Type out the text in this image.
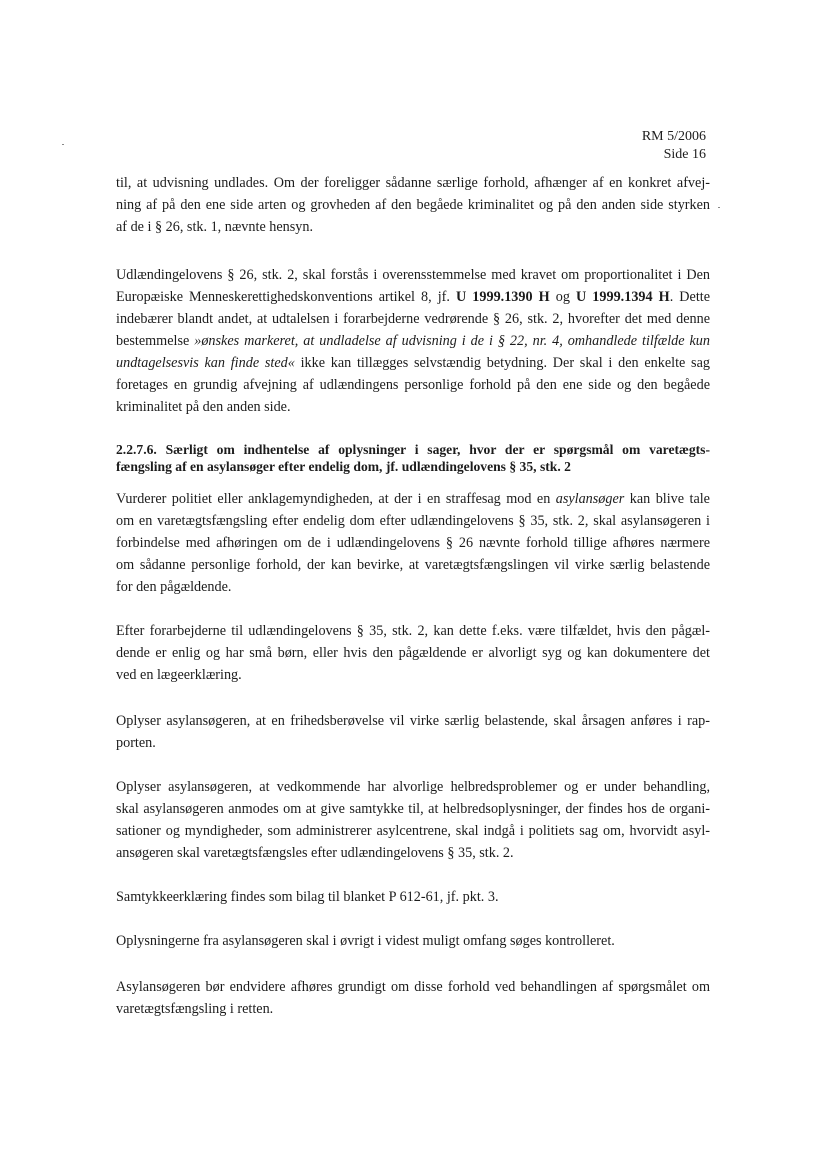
RM 5/2006
Side 16
til, at udvisning undlades. Om der foreligger sådanne særlige forhold, afhænger af en konkret afvej-
ning af på den ene side arten og grovheden af den begåede kriminalitet og på den anden side styrken
af de i § 26, stk. 1, nævnte hensyn.
Udlændingelovens § 26, stk. 2, skal forstås i overensstemmelse med kravet om proportionalitet i Den
Europæiske Menneskerettighedskonventions artikel 8, jf. U 1999.1390 H og U 1999.1394 H. Dette
indebærer blandt andet, at udtalelsen i forarbejderne vedrørende § 26, stk. 2, hvorefter det med denne
bestemmelse »ønskes markeret, at undladelse af udvisning i de i § 22, nr. 4, omhandlede tilfælde kun
undtagelsesvis kan finde sted« ikke kan tillægges selvstændig betydning. Der skal i den enkelte sag
foretages en grundig afvejning af udlændingens personlige forhold på den ene side og den begåede
kriminalitet på den anden side.
2.2.7.6. Særligt om indhentelse af oplysninger i sager, hvor der er spørgsmål om varetægts-
fængsling af en asylansøger efter endelig dom, jf. udlændingelovens § 35, stk. 2
Vurderer politiet eller anklagemyndigheden, at der i en straffesag mod en asylansøger kan blive tale
om en varetægtsfængsling efter endelig dom efter udlændingelovens § 35, stk. 2, skal asylansøgeren i
forbindelse med afhøringen om de i udlændingelovens § 26 nævnte forhold tillige afhøres nærmere
om sådanne personlige forhold, der kan bevirke, at varetægtsfængslingen vil virke særlig belastende
for den pågældende.
Efter forarbejderne til udlændingelovens § 35, stk. 2, kan dette f.eks. være tilfældet, hvis den pågæl-
dende er enlig og har små børn, eller hvis den pågældende er alvorligt syg og kan dokumentere det
ved en lægeerklæring.
Oplyser asylansøgeren, at en frihedsberøvelse vil virke særlig belastende, skal årsagen anføres i rap-
porten.
Oplyser asylansøgeren, at vedkommende har alvorlige helbredsproblemer og er under behandling,
skal asylansøgeren anmodes om at give samtykke til, at helbredsoplysninger, der findes hos de organi-
sationer og myndigheder, som administrerer asylcentrene, skal indgå i politiets sag om, hvorvidt asyl-
ansøgeren skal varetægtsfængsles efter udlændingelovens § 35, stk. 2.
Samtykkeerklæring findes som bilag til blanket P 612-61, jf. pkt. 3.
Oplysningerne fra asylansøgeren skal i øvrigt i videst muligt omfang søges kontrolleret.
Asylansøgeren bør endvidere afhøres grundigt om disse forhold ved behandlingen af spørgsmålet om
varetægtsfængsling i retten.
